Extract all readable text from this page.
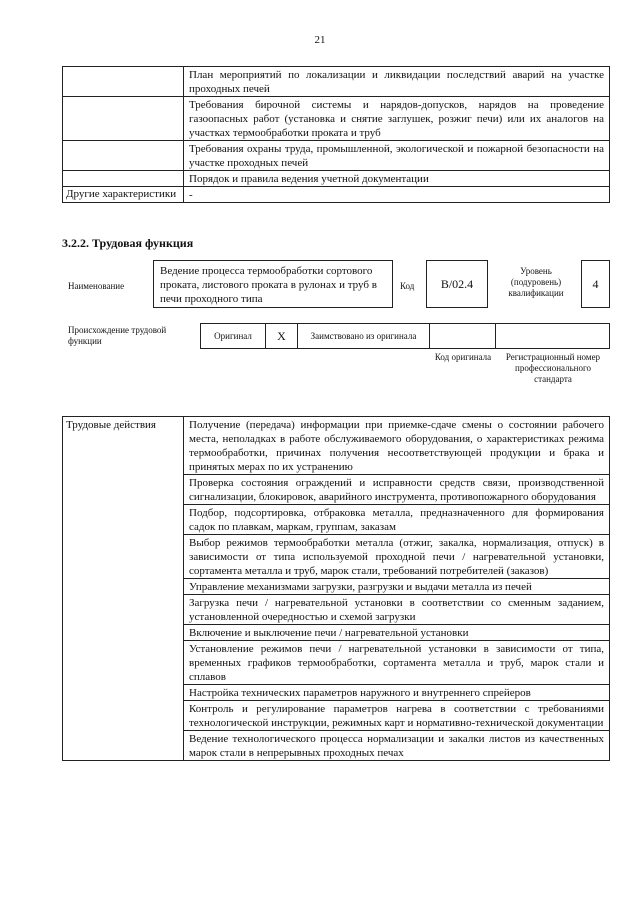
21
	План мероприятий по локализации и ликвидации последствий аварий на участке проходных печей
	Требования бирочной системы и нарядов-допусков, нарядов на проведение газоопасных работ (установка и снятие заглушек, розжиг печи) или их аналогов на участках термообработки проката и труб
	Требования охраны труда, промышленной, экологической и пожарной безопасности на участке проходных печей
	Порядок и правила ведения учетной документации
Другие характеристики	-
3.2.2. Трудовая функция
Наименование
Ведение процесса термообработки сортового проката, листового проката в рулонах и труб в печи проходного типа
Код	B/02.4
Уровень (подуровень) квалификации
4
Происхождение трудовой функции
Оригинал	X	Заимствовано из оригинала
Код оригинала	Регистрационный номер профессионального стандарта
Трудовые действия	Получение (передача) информации при приемке-сдаче смены о состоянии рабочего места, неполадках в работе обслуживаемого оборудования, о характеристиках режима термообработки, причинах получения несоответствующей продукции и брака и принятых мерах по их устранению
Проверка состояния ограждений и исправности средств связи, производственной сигнализации, блокировок, аварийного инструмента, противопожарного оборудования
Подбор, подсортировка, отбраковка металла, предназначенного для формирования садок по плавкам, маркам, группам, заказам
Выбор режимов термообработки металла (отжиг, закалка, нормализация, отпуск) в зависимости от типа используемой проходной печи / нагревательной установки, сортамента металла и труб, марок стали, требований потребителей (заказов)
Управление механизмами загрузки, разгрузки и выдачи металла из печей
Загрузка печи / нагревательной установки в соответствии со сменным заданием, установленной очередностью и схемой загрузки
Включение и выключение печи / нагревательной установки
Установление режимов печи / нагревательной установки в зависимости от типа, временных графиков термообработки, сортамента металла и труб, марок стали и сплавов
Настройка технических параметров наружного и внутреннего спрейеров
Контроль и регулирование параметров нагрева в соответствии с требованиями технологической инструкции, режимных карт и нормативно-технической документации
Ведение технологического процесса нормализации и закалки листов из качественных марок стали в непрерывных проходных печах
